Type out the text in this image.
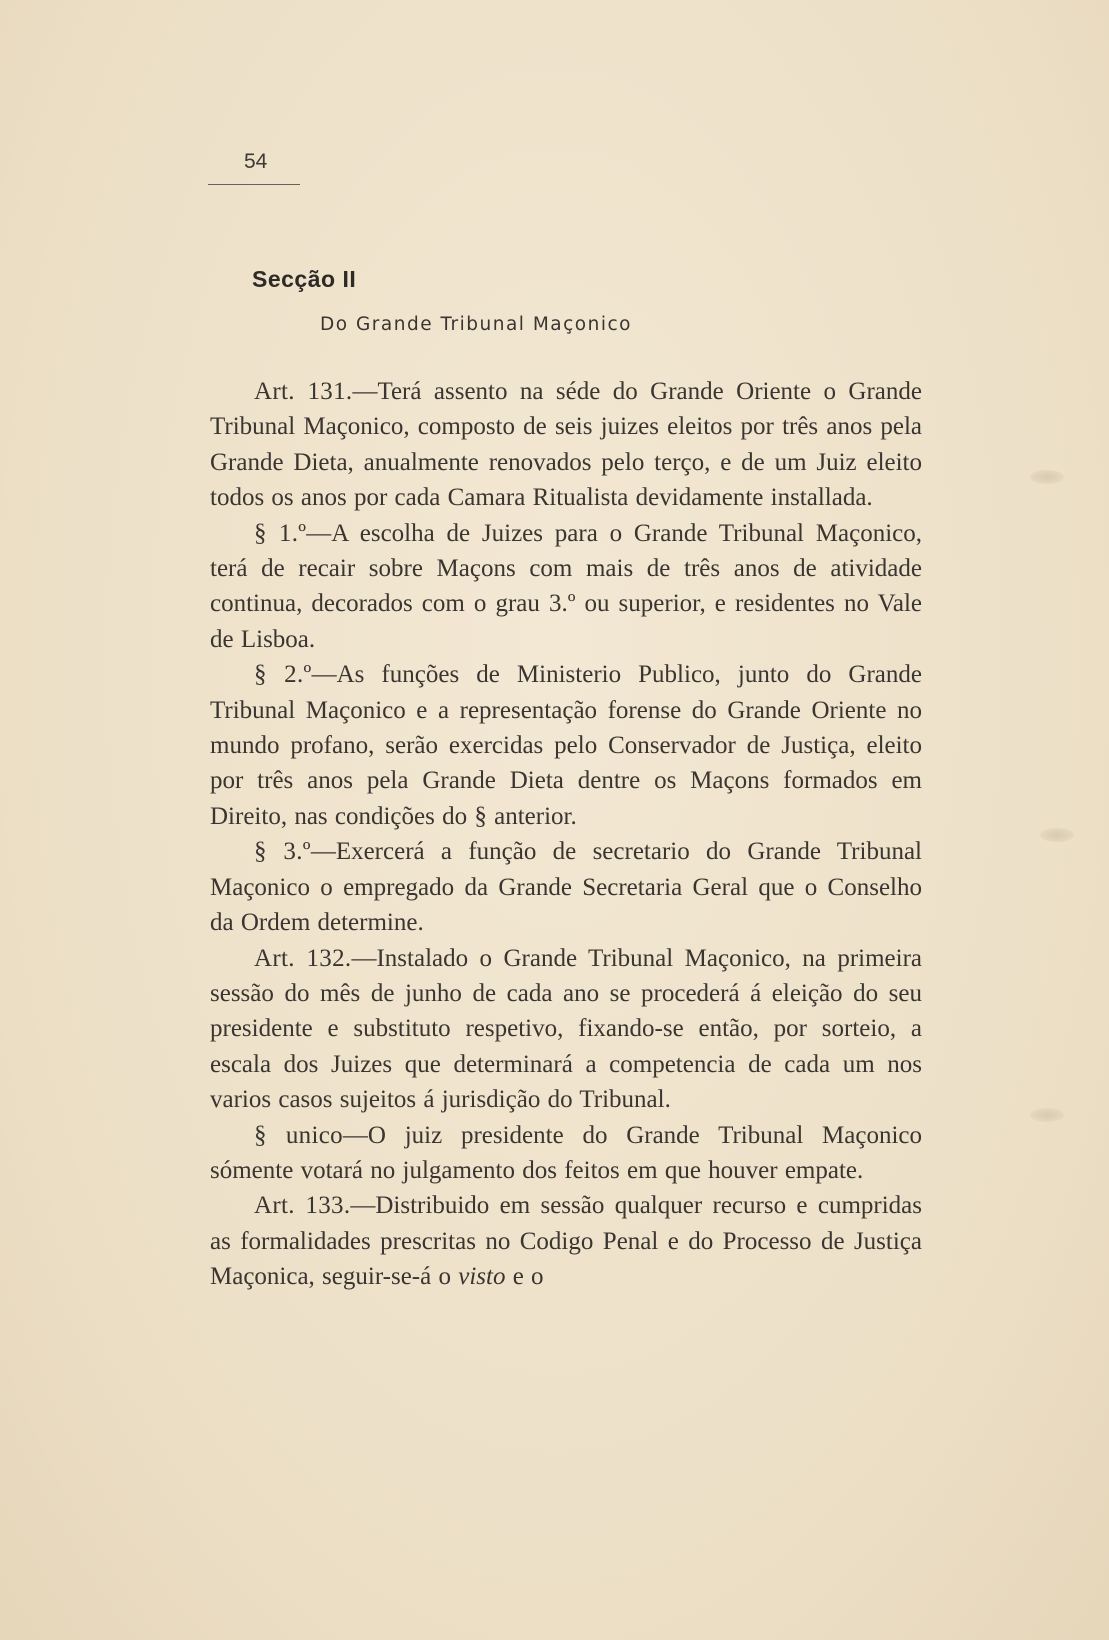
54
Secção II
Do Grande Tribunal Maçonico

Art. 131.—Terá assento na séde do Grande Oriente o Grande Tribunal Maçonico, composto de seis juizes eleitos por três anos pela Grande Dieta, anualmente renovados pelo terço, e de um Juiz eleito todos os anos por cada Camara Ritualista devidamente installada.

§ 1.º—A escolha de Juizes para o Grande Tribunal Maçonico, terá de recair sobre Maçons com mais de três anos de atividade continua, decorados com o grau 3.º ou superior, e residentes no Vale de Lisboa.

§ 2.º—As funções de Ministerio Publico, junto do Grande Tribunal Maçonico e a representação forense do Grande Oriente no mundo profano, serão exercidas pelo Conservador de Justiça, eleito por três anos pela Grande Dieta dentre os Maçons formados em Direito, nas condições do § anterior.

§ 3.º—Exercerá a função de secretario do Grande Tribunal Maçonico o empregado da Grande Secretaria Geral que o Conselho da Ordem determine.

Art. 132.—Instalado o Grande Tribunal Maçonico, na primeira sessão do mês de junho de cada ano se procederá á eleição do seu presidente e substituto respetivo, fixando-se então, por sorteio, a escala dos Juizes que determinará a competencia de cada um nos varios casos sujeitos á jurisdição do Tribunal.

§ unico—O juiz presidente do Grande Tribunal Maçonico sómente votará no julgamento dos feitos em que houver empate.

Art. 133.—Distribuido em sessão qualquer recurso e cumpridas as formalidades prescritas no Codigo Penal e do Processo de Justiça Maçonica, seguir-se-á o visto e o
